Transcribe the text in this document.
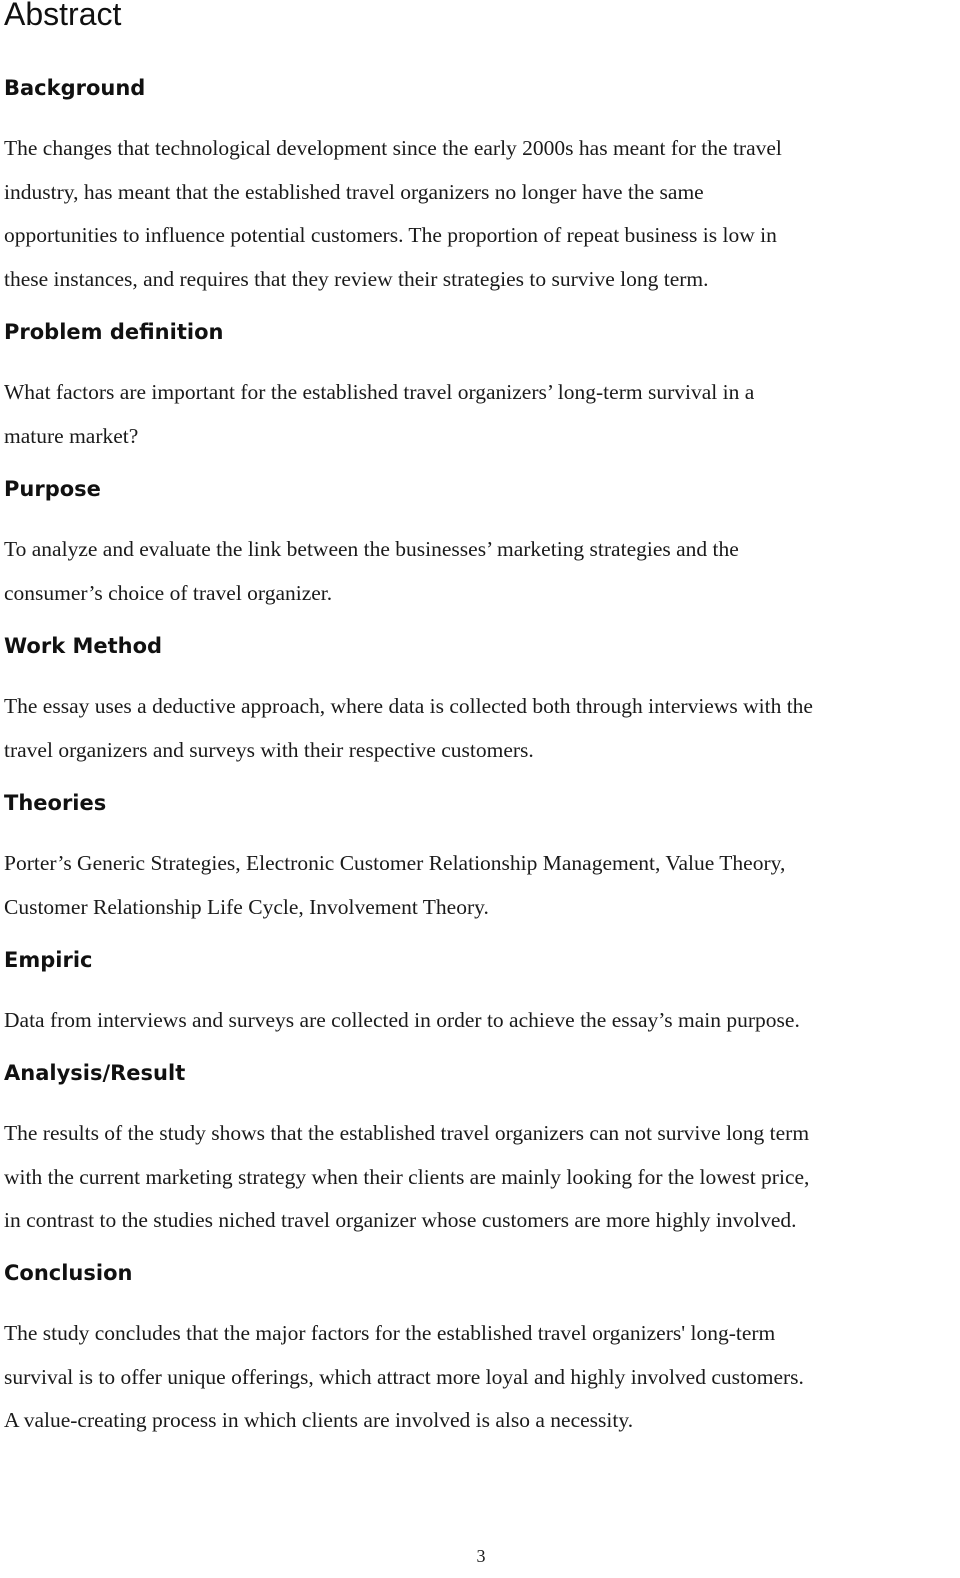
Abstract
Background

The changes that technological development since the early 2000s has meant for the travel
industry, has meant that the established travel organizers no longer have the same
opportunities to influence potential customers. The proportion of repeat business is low in
these instances, and requires that they review their strategies to survive long term.

Problem definition

What factors are important for the established travel organizers’ long-term survival in a
mature market?

Purpose

To analyze and evaluate the link between the businesses’ marketing strategies and the
consumer’s choice of travel organizer.

Work Method

The essay uses a deductive approach, where data is collected both through interviews with the
travel organizers and surveys with their respective customers.

Theories

Porter’s Generic Strategies, Electronic Customer Relationship Management, Value Theory,
Customer Relationship Life Cycle, Involvement Theory.

Empiric

Data from interviews and surveys are collected in order to achieve the essay’s main purpose.

Analysis/Result

The results of the study shows that the established travel organizers can not survive long term
with the current marketing strategy when their clients are mainly looking for the lowest price,
in contrast to the studies niched travel organizer whose customers are more highly involved.

Conclusion

The study concludes that the major factors for the established travel organizers' long-term
survival is to offer unique offerings, which attract more loyal and highly involved customers.
A value-creating process in which clients are involved is also a necessity.

3
